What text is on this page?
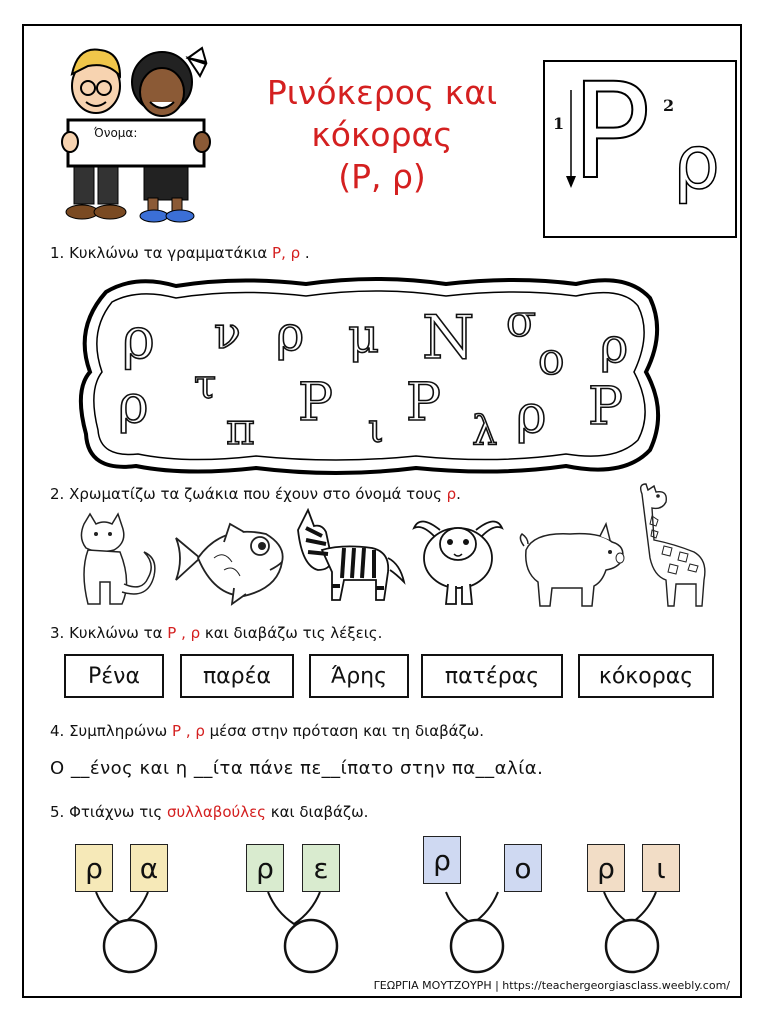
Όνομα:
Ρινόκερος και
κόκορας
(Ρ, ρ)
1
2
Ρ ρ
1. Κυκλώνω τα γραμματάκια Ρ, ρ .
ρ ν ρ μ Ν σ
ο ρ
ρ τ
π Ρ ι Ρ λ ρ Ρ
2. Χρωματίζω τα ζωάκια που έχουν στο όνομά τους ρ.
3. Κυκλώνω τα Ρ , ρ και διαβάζω τις λέξεις.
Ρένα	παρέα	Άρης	πατέρας	κόκορας
4. Συμπληρώνω Ρ , ρ μέσα στην πρόταση και τη διαβάζω.
Ο __ένος και η __ίτα πάνε πε__ίπατο στην πα__αλία.
5. Φτιάχνω τις συλλαβούλες και διαβάζω.
ρ	α	ρ	ε	ρ	ο	ρ	ι
ΓΕΩΡΓΙΑ ΜΟΥΤΖΟΥΡΗ | https://teachergeorgiasclass.weebly.com/
